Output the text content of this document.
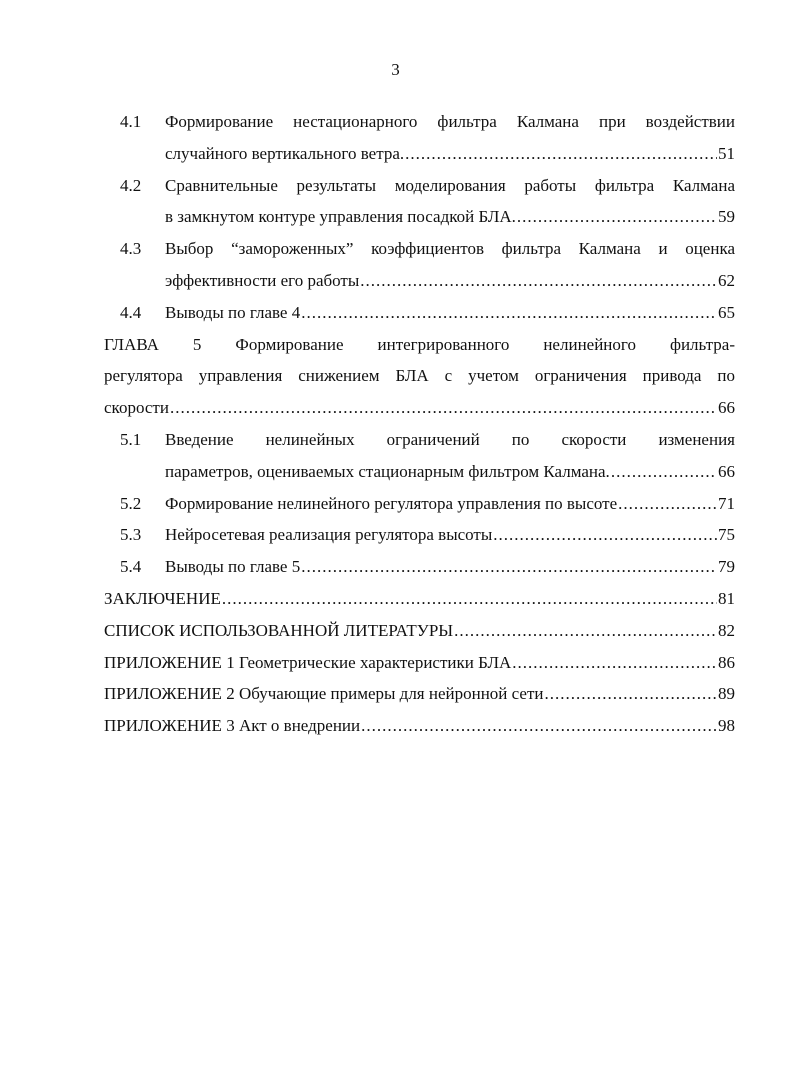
3
4.1	Формирование нестационарного фильтра Калмана при воздействии
случайного вертикального ветра. .....	51
4.2	Сравнительные результаты моделирования работы фильтра Калмана
в замкнутом контуре управления посадкой БЛА. .....	59
4.3	Выбор “замороженных” коэффициентов фильтра Калмана и оценка
эффективности его работы .....	62
4.4	Выводы по главе 4 .....	65
ГЛАВА 5 Формирование интегрированного нелинейного фильтра-
регулятора управления снижением БЛА с учетом ограничения привода по
скорости .....	66
5.1	Введение нелинейных ограничений по скорости изменения
параметров, оцениваемых стационарным фильтром Калмана. .....	66
5.2	Формирование нелинейного регулятора управления по высоте .....	71
5.3	Нейросетевая реализация регулятора высоты .....	75
5.4	Выводы по главе 5 .....	79
ЗАКЛЮЧЕНИЕ .....	81
СПИСОК ИСПОЛЬЗОВАННОЙ ЛИТЕРАТУРЫ .....	82
ПРИЛОЖЕНИЕ 1 Геометрические характеристики БЛА .....	86
ПРИЛОЖЕНИЕ 2 Обучающие примеры для нейронной сети .....	89
ПРИЛОЖЕНИЕ 3 Акт о внедрении .....	98
